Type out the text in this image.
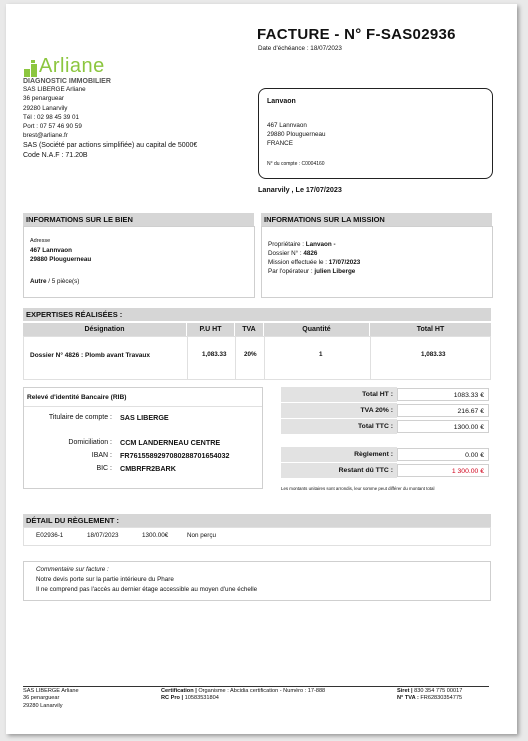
FACTURE - N° F-SAS02936
Date d'échéance : 18/07/2023
Arliane
DIAGNOSTIC IMMOBILIER
SAS LIBERGE Arliane
36 penarguear
29280 Lanarvily
Tél : 02 98 45 39 01
Port : 07 57 46 90 59
brest@arliane.fr
SAS (Société par actions simplifiée) au capital de 5000€
Code N.A.F : 71.20B
Lanvaon
467 Lannvaon
29880 Plouguerneau
FRANCE
N° du compte : C0004160
Lanarvily , Le 17/07/2023
INFORMATIONS SUR LE BIEN
Adresse
467 Lannvaon
29880 Plouguerneau
Autre / 5 pièce(s)
INFORMATIONS SUR LA MISSION
Propriétaire : Lanvaon -
Dossier N° : 4826
Mission effectuée le : 17/07/2023
Par l'opérateur : julien Liberge
EXPERTISES RÉALISÉES :
Désignation	P.U HT	TVA	Quantité	Total HT
Dossier N° 4826 : Plomb avant Travaux	1,083.33	20%	1	1,083.33
Relevé d'identité Bancaire (RIB)
Titulaire de compte : SAS LIBERGE
Domiciliation : CCM LANDERNEAU CENTRE
IBAN : FR7615589297080288701654032
BIC : CMBRFR2BARK
Total HT :	1083.33 €
TVA 20% :	216.67 €
Total TTC :	1300.00 €
Règlement :	0.00 €
Restant dû TTC :	1 300.00 €
Les montants unitaires sont arrondis, leur somme peut différer du montant total
DÉTAIL DU RÈGLEMENT :
E02936-1	18/07/2023	1300.00€	Non perçu
Commentaire sur facture :
Notre devis porte sur la partie intérieure du Phare
Il ne comprend pas l'accès au dernier étage accessible au moyen d'une échelle
SAS LIBERGE Arliane
36 penarguear
29280 Lanarvily
Certification | Organisme : Abcidia certification - Numéro : 17-888
RC Pro | 10583531804
Siret | 830 354 775 00017
N° TVA : FR62830354775
